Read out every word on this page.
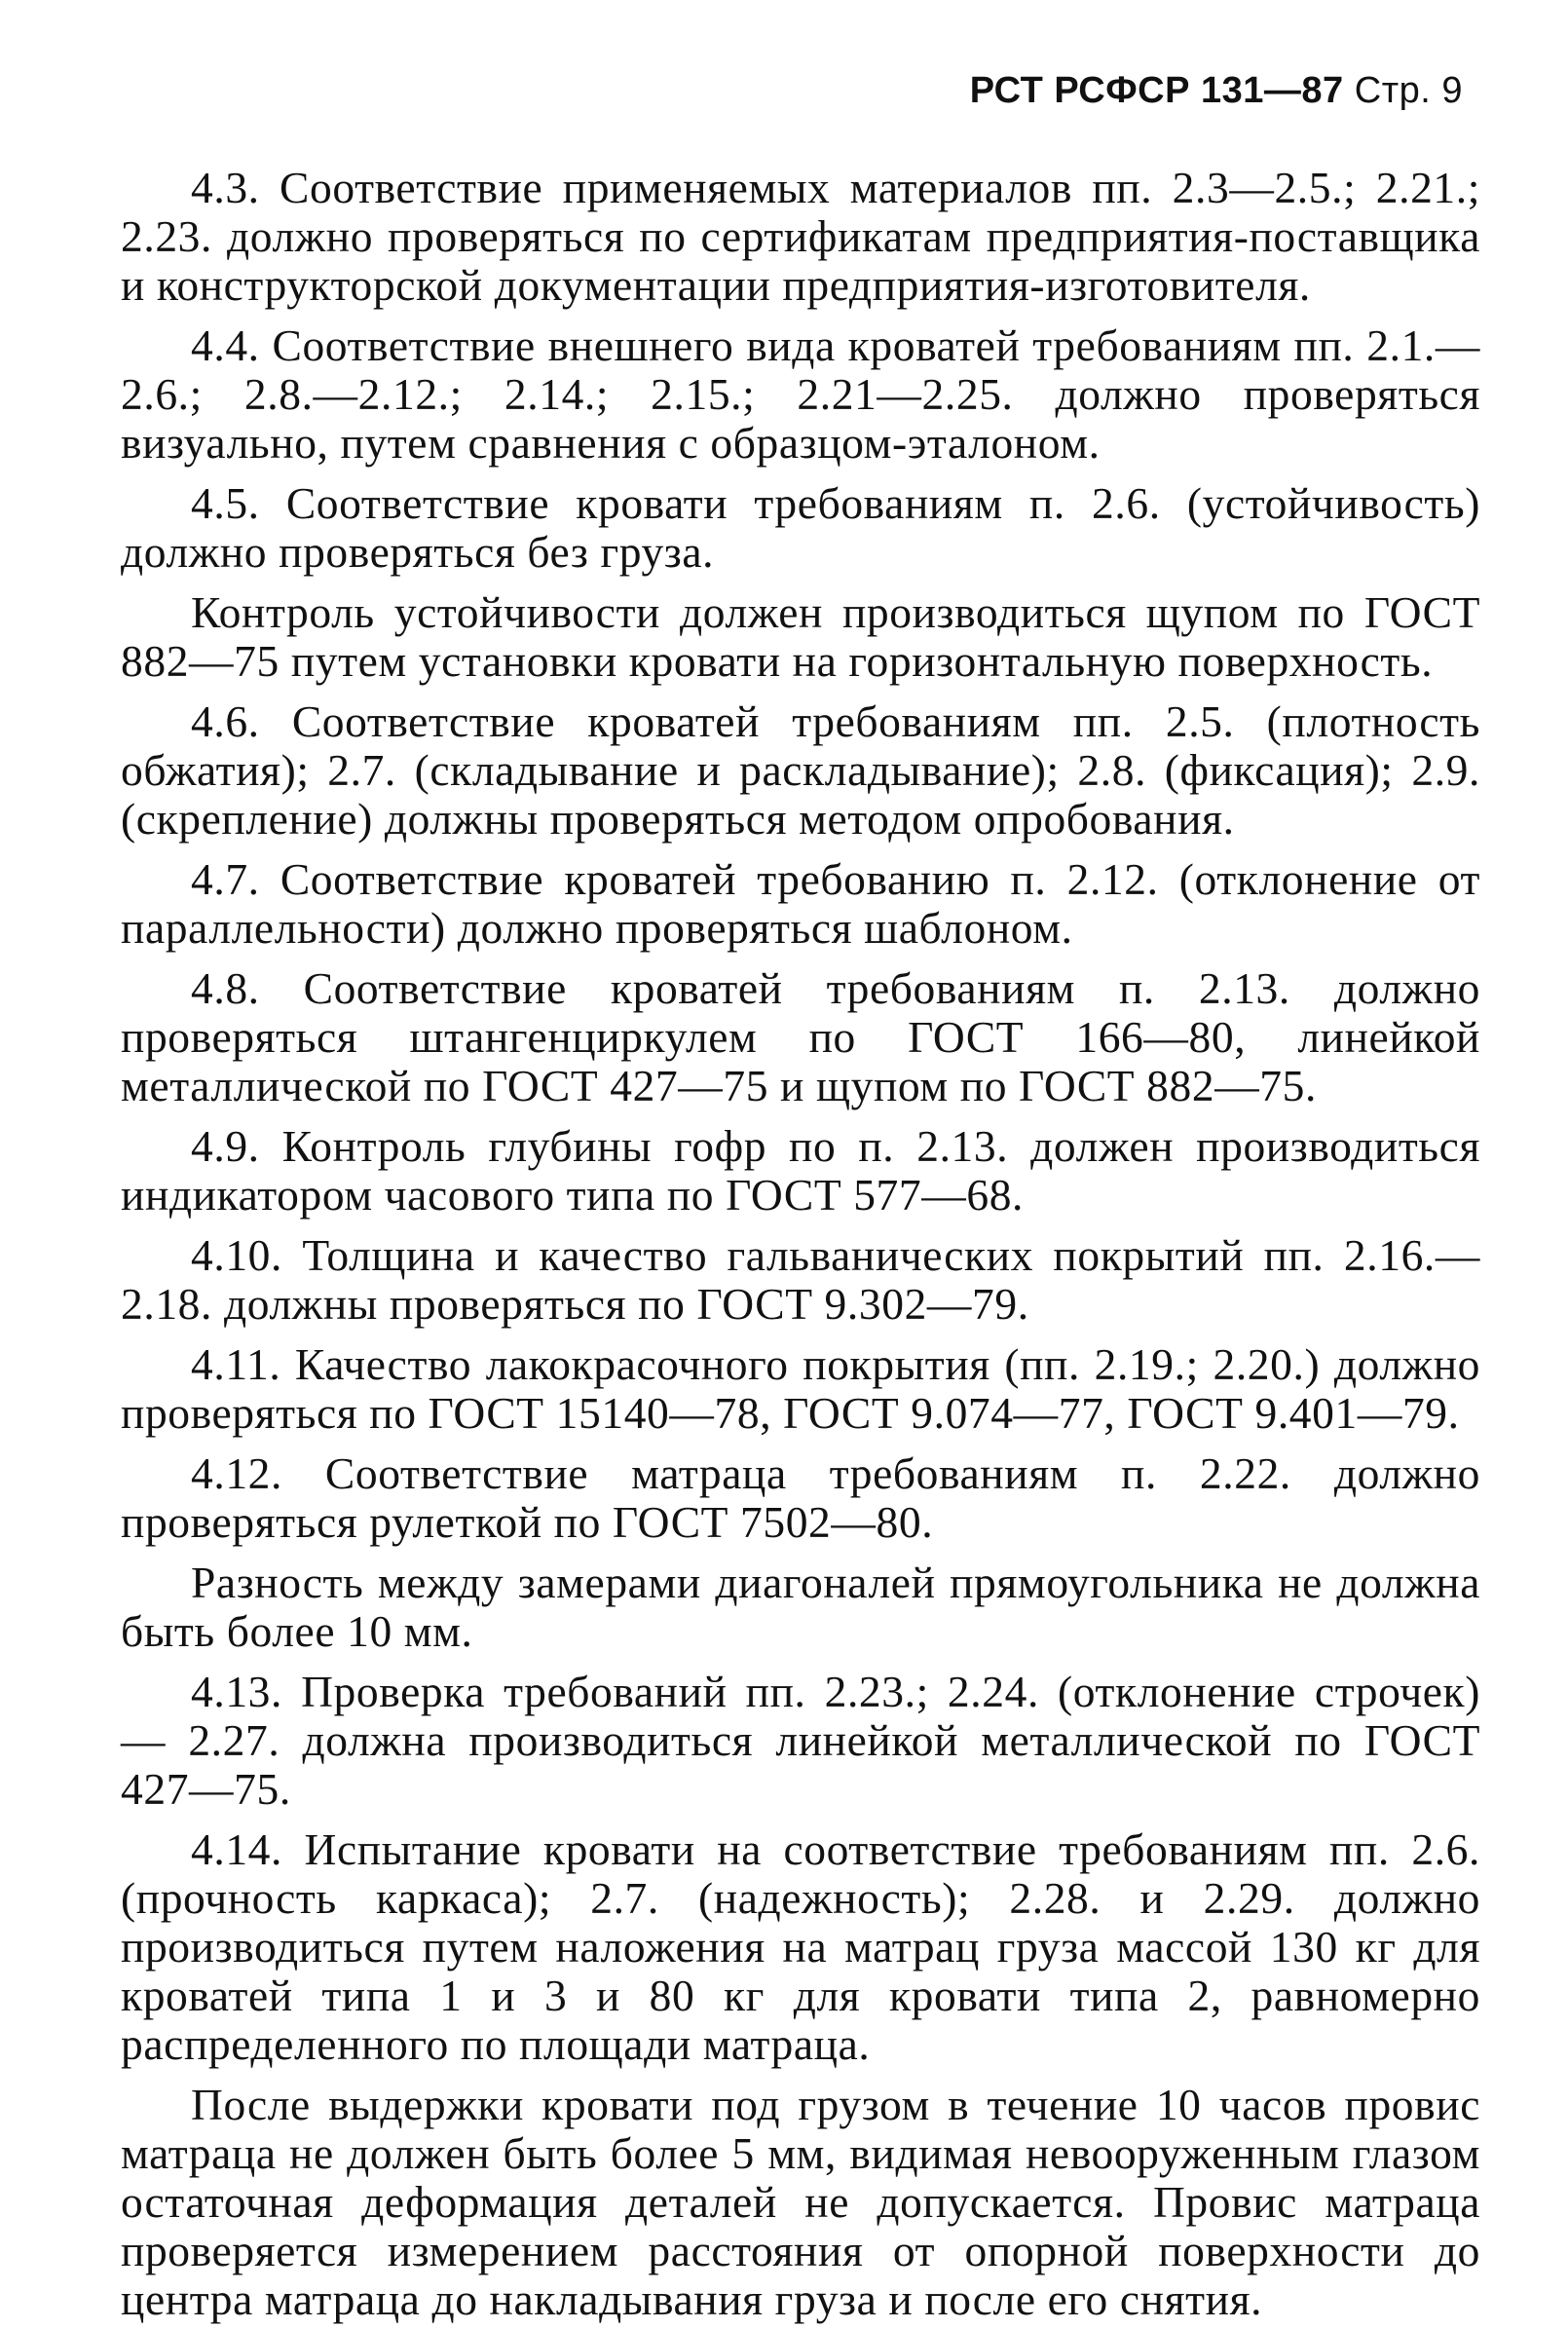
РСТ РСФСР 131—87 Стр. 9

4.3. Соответствие применяемых материалов пп. 2.3—2.5.; 2.21.; 2.23. должно проверяться по сертификатам предприятия-поставщика и конструкторской документации предприятия-изготовителя.

4.4. Соответствие внешнего вида кроватей требованиям пп. 2.1.—2.6.; 2.8.—2.12.; 2.14.; 2.15.; 2.21—2.25. должно проверяться визуально, путем сравнения с образцом-эталоном.

4.5. Соответствие кровати требованиям п. 2.6. (устойчивость) должно проверяться без груза.

Контроль устойчивости должен производиться щупом по ГОСТ 882—75 путем установки кровати на горизонтальную поверхность.

4.6. Соответствие кроватей требованиям пп. 2.5. (плотность обжатия); 2.7. (складывание и раскладывание); 2.8. (фиксация); 2.9. (скрепление) должны проверяться методом опробования.

4.7. Соответствие кроватей требованию п. 2.12. (отклонение от параллельности) должно проверяться шаблоном.

4.8. Соответствие кроватей требованиям п. 2.13. должно проверяться штангенциркулем по ГОСТ 166—80, линейкой металлической по ГОСТ 427—75 и щупом по ГОСТ 882—75.

4.9. Контроль глубины гофр по п. 2.13. должен производиться индикатором часового типа по ГОСТ 577—68.

4.10. Толщина и качество гальванических покрытий пп. 2.16.—2.18. должны проверяться по ГОСТ 9.302—79.

4.11. Качество лакокрасочного покрытия (пп. 2.19.; 2.20.) должно проверяться по ГОСТ 15140—78, ГОСТ 9.074—77, ГОСТ 9.401—79.

4.12. Соответствие матраца требованиям п. 2.22. должно проверяться рулеткой по ГОСТ 7502—80.

Разность между замерами диагоналей прямоугольника не должна быть более 10 мм.

4.13. Проверка требований пп. 2.23.; 2.24. (отклонение строчек) — 2.27. должна производиться линейкой металлической по ГОСТ 427—75.

4.14. Испытание кровати на соответствие требованиям пп. 2.6. (прочность каркаса); 2.7. (надежность); 2.28. и 2.29. должно производиться путем наложения на матрац груза массой 130 кг для кроватей типа 1 и 3 и 80 кг для кровати типа 2, равномерно распределенного по площади матраца.

После выдержки кровати под грузом в течение 10 часов провис матраца не должен быть более 5 мм, видимая невооруженным глазом остаточная деформация деталей не допускается. Провис матраца проверяется измерением расстояния от опорной поверхности до центра матраца до накладывания груза и после его снятия.
